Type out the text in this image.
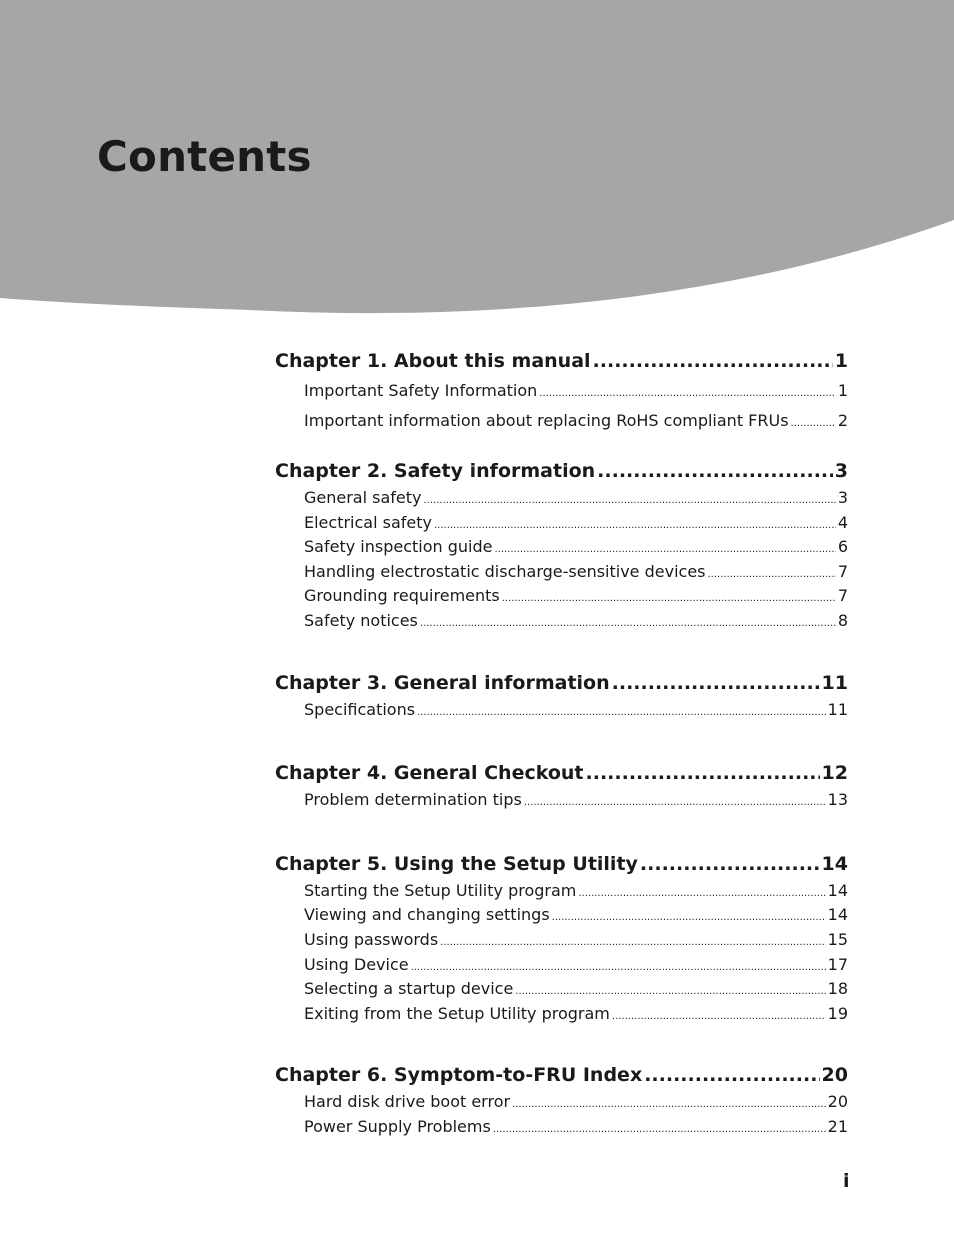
Contents
Chapter 1. About this manual .....	1
Important Safety Information .....	1
Important information about replacing RoHS compliant FRUs .....	2
Chapter 2. Safety information .....	3
General safety .....	3
Electrical safety .....	4
Safety inspection guide .....	6
Handling electrostatic discharge-sensitive devices .....	7
Grounding requirements .....	7
Safety notices .....	8
Chapter 3. General information .....	11
Specifications .....	11
Chapter 4. General Checkout .....	12
Problem determination tips .....	13
Chapter 5. Using the Setup Utility .....	14
Starting the Setup Utility program .....	14
Viewing and changing settings .....	14
Using passwords .....	15
Using Device .....	17
Selecting a startup device .....	18
Exiting from the Setup Utility program .....	19
Chapter 6. Symptom-to-FRU Index .....	20
Hard disk drive boot error .....	20
Power Supply Problems .....	21
i
